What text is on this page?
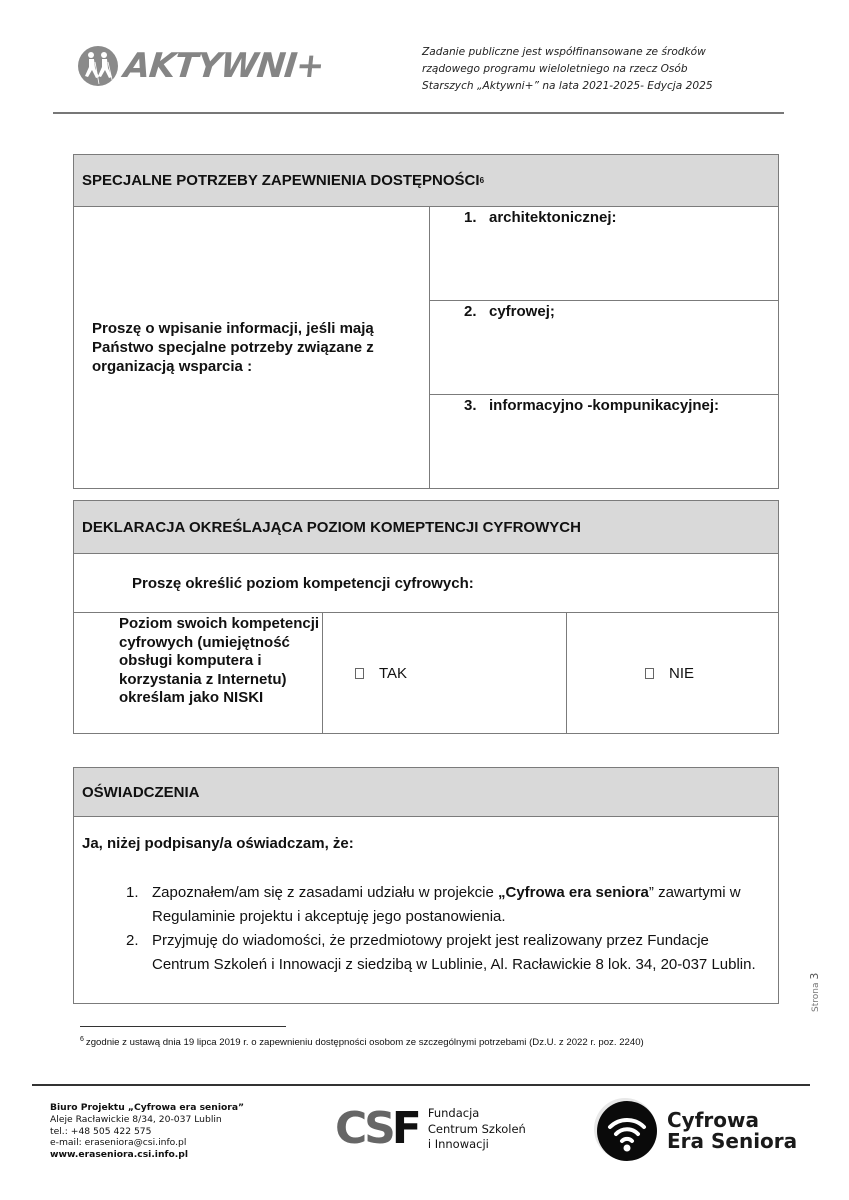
AKTYWNI+	Zadanie publiczne jest współfinansowane ze środków
rządowego programu wieloletniego na rzecz Osób
Starszych „Aktywni+” na lata 2021-2025- Edycja 2025
SPECJALNE POTRZEBY ZAPEWNIENIA DOSTĘPNOŚCI 6
Proszę o wpisanie informacji, jeśli mają Państwo specjalne potrzeby związane z organizacją wsparcia :
1. architektonicznej:
2. cyfrowej;
3. informacyjno -kompunikacyjnej:
DEKLARACJA OKREŚLAJĄCA POZIOM KOMEPTENCJI CYFROWYCH
Proszę określić poziom kompetencji cyfrowych:
Poziom swoich kompetencji cyfrowych (umiejętność obsługi komputera i korzystania z Internetu) określam jako NISKI
TAK	NIE
OŚWIADCZENIA
Ja, niżej podpisany/a oświadczam, że:
1. Zapoznałem/am się z zasadami udziału w projekcie „Cyfrowa era seniora” zawartymi w Regulaminie projektu i akceptuję jego postanowienia.
2. Przyjmuję do wiadomości, że przedmiotowy projekt jest realizowany przez Fundacje Centrum Szkoleń i Innowacji z siedzibą w Lublinie, Al. Racławickie 8 lok. 34, 20-037 Lublin.
$^6$ zgodnie z ustawą dnia 19 lipca 2019 r. o zapewnieniu dostępności osobom ze szczególnymi potrzebami (Dz.U. z 2022 r. poz. 2240)
Strona 3
Biuro Projektu „Cyfrowa era seniora”
Aleje Racławickie 8/34, 20-037 Lublin
tel.: +48 505 422 575
e-mail: eraseniora@csi.info.pl
www.eraseniora.csi.info.pl
CSF Fundacja
Centrum Szkoleń
i Innowacji
Cyfrowa
Era Seniora
